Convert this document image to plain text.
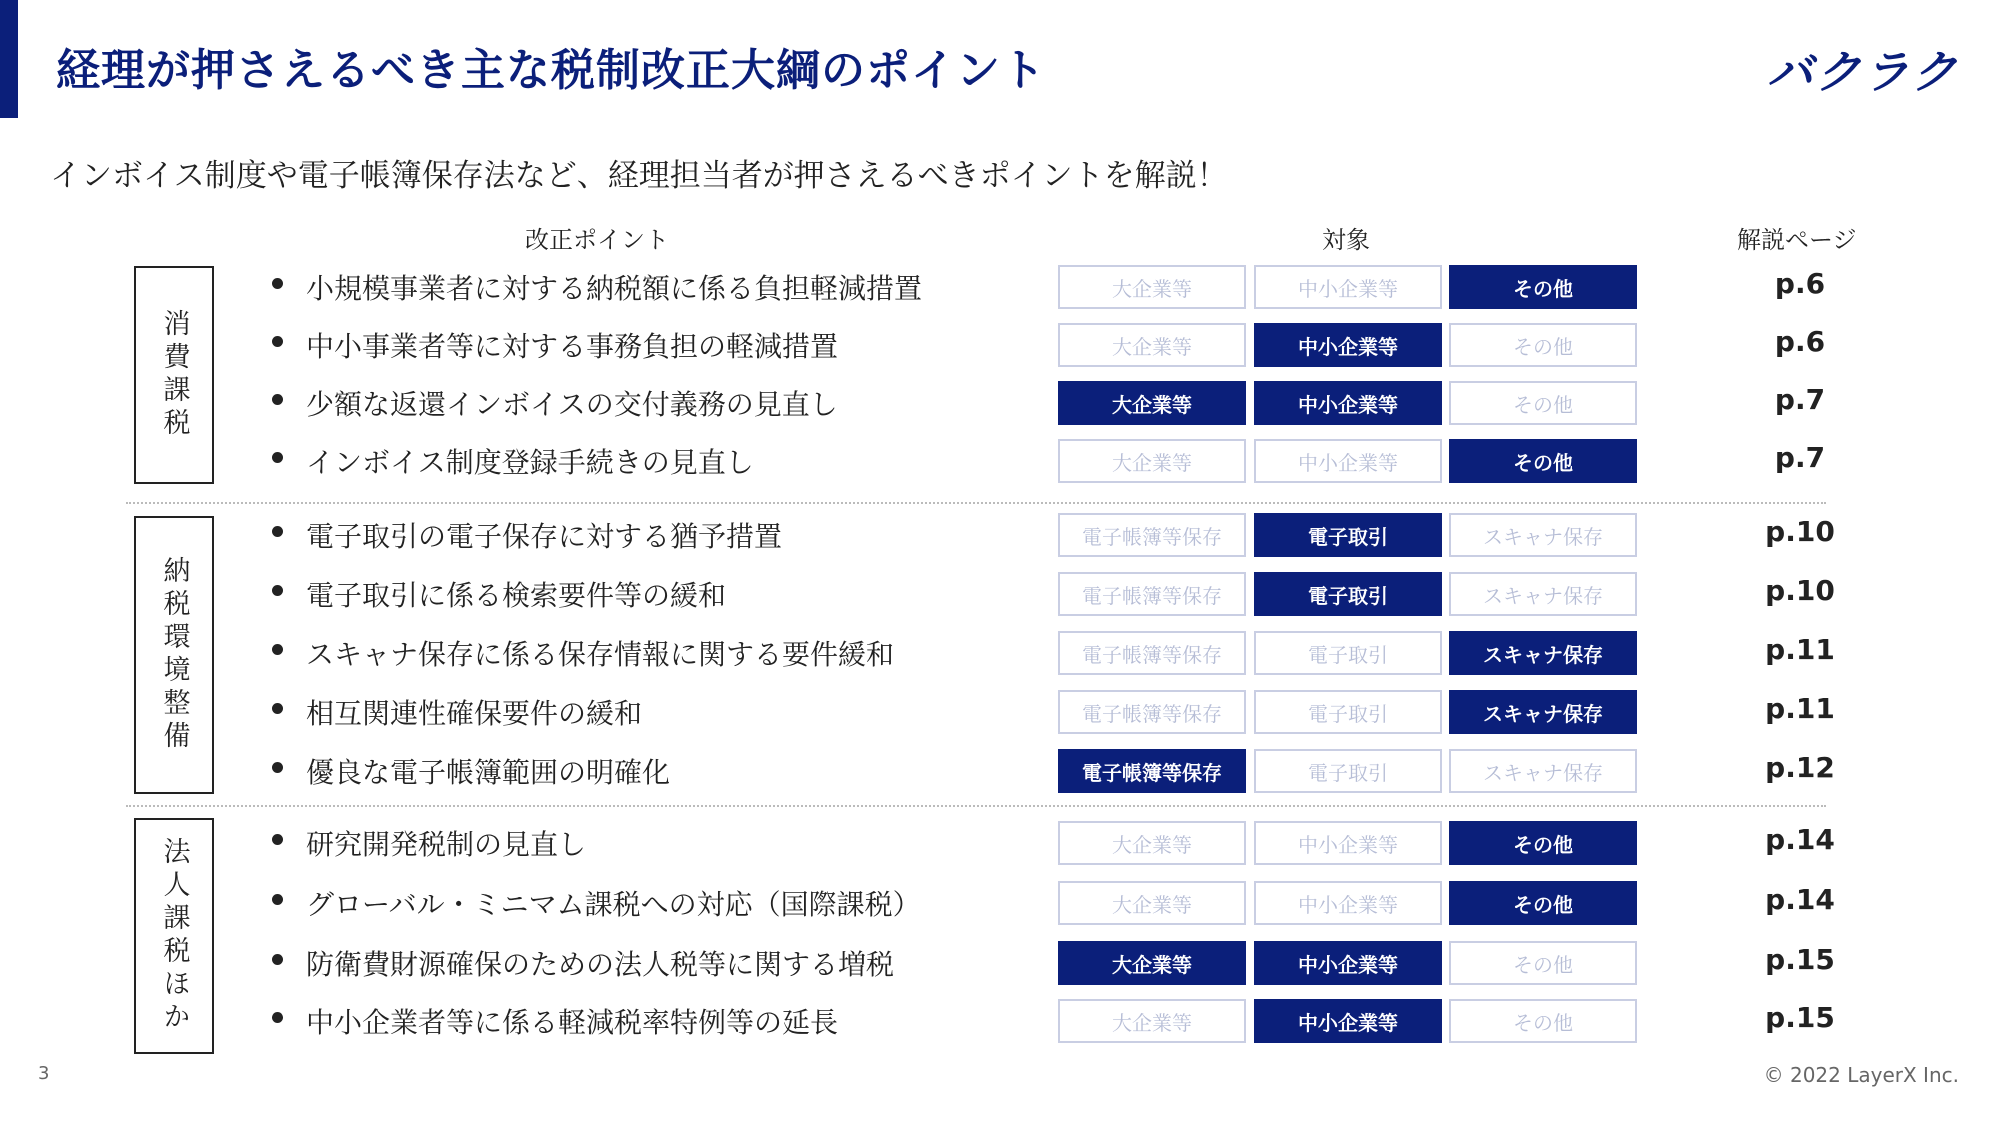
経理が押さえるべき主な税制改正大綱のポイント	バクラク
インボイス制度や電子帳簿保存法など、経理担当者が押さえるべきポイントを解説！
改正ポイント	対象	解説ページ
消費課税
納税環境整備
法人課税ほか
小規模事業者に対する納税額に係る負担軽減措置	大企業等	中小企業等	その他	p.6
中小事業者等に対する事務負担の軽減措置	大企業等	中小企業等	その他	p.6
少額な返還インボイスの交付義務の見直し	大企業等	中小企業等	その他	p.7
インボイス制度登録手続きの見直し	大企業等	中小企業等	その他	p.7
電子取引の電子保存に対する猶予措置	電子帳簿等保存	電子取引	スキャナ保存	p.10
電子取引に係る検索要件等の緩和	電子帳簿等保存	電子取引	スキャナ保存	p.10
スキャナ保存に係る保存情報に関する要件緩和	電子帳簿等保存	電子取引	スキャナ保存	p.11
相互関連性確保要件の緩和	電子帳簿等保存	電子取引	スキャナ保存	p.11
優良な電子帳簿範囲の明確化	電子帳簿等保存	電子取引	スキャナ保存	p.12
研究開発税制の見直し	大企業等	中小企業等	その他	p.14
グローバル・ミニマム課税への対応（国際課税）	大企業等	中小企業等	その他	p.14
防衛費財源確保のための法人税等に関する増税	大企業等	中小企業等	その他	p.15
中小企業者等に係る軽減税率特例等の延長	大企業等	中小企業等	その他	p.15
3	© 2022 LayerX Inc.
